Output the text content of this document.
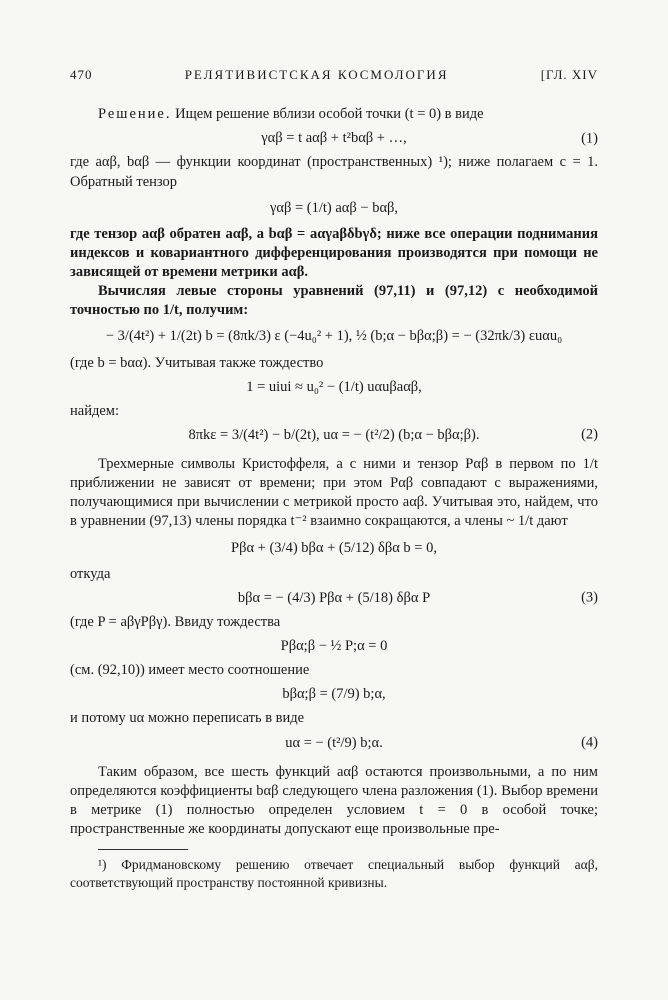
470	РЕЛЯТИВИСТСКАЯ КОСМОЛОГИЯ	[ГЛ. XIV

Решение. Ищем решение вблизи особой точки (t = 0) в виде

γαβ = t aαβ + t²bαβ + …,	(1)

где aαβ, bαβ — функции координат (пространственных) ¹); ниже полагаем c = 1. Обратный тензор

γαβ = (1/t) aαβ − bαβ,

где тензор aαβ обратен aαβ, a bαβ = aαγaβδbγδ; ниже все операции поднимания индексов и ковариантного дифференцирования производятся при помощи не зависящей от времени метрики aαβ.

Вычисляя левые стороны уравнений (97,11) и (97,12) с необходимой точностью по 1/t, получим:

− 3/(4t²) + 1/(2t) b = (8πk/3) ε (−4u₀² + 1), ½ (b;α − bβα;β) = − (32πk/3) εuαu₀

(где b = bαα). Учитывая также тождество

1 = uiui ≈ u₀² − (1/t) uαuβaαβ,

найдем:

8πkε = 3/(4t²) − b/(2t), uα = − (t²/2) (b;α − bβα;β).	(2)

Трехмерные символы Кристоффеля, а с ними и тензор Pαβ в первом по 1/t приближении не зависят от времени; при этом Pαβ совпадают с выражениями, получающимися при вычислении с метрикой просто aαβ. Учитывая это, найдем, что в уравнении (97,13) члены порядка t⁻² взаимно сокращаются, а члены ~ 1/t дают

Pβα + (3/4) bβα + (5/12) δβα b = 0,

откуда

bβα = − (4/3) Pβα + (5/18) δβα P	(3)

(где P = aβγPβγ). Ввиду тождества

Pβα;β − ½ P;α = 0

(см. (92,10)) имеет место соотношение

bβα;β = (7/9) b;α,

и потому uα можно переписать в виде

uα = − (t²/9) b;α.	(4)

Таким образом, все шесть функций aαβ остаются произвольными, а по ним определяются коэффициенты bαβ следующего члена разложения (1). Выбор времени в метрике (1) полностью определен условием t = 0 в особой точке; пространственные же координаты допускают еще произвольные пре-

¹) Фридмановскому решению отвечает специальный выбор функций aαβ, соответствующий пространству постоянной кривизны.
